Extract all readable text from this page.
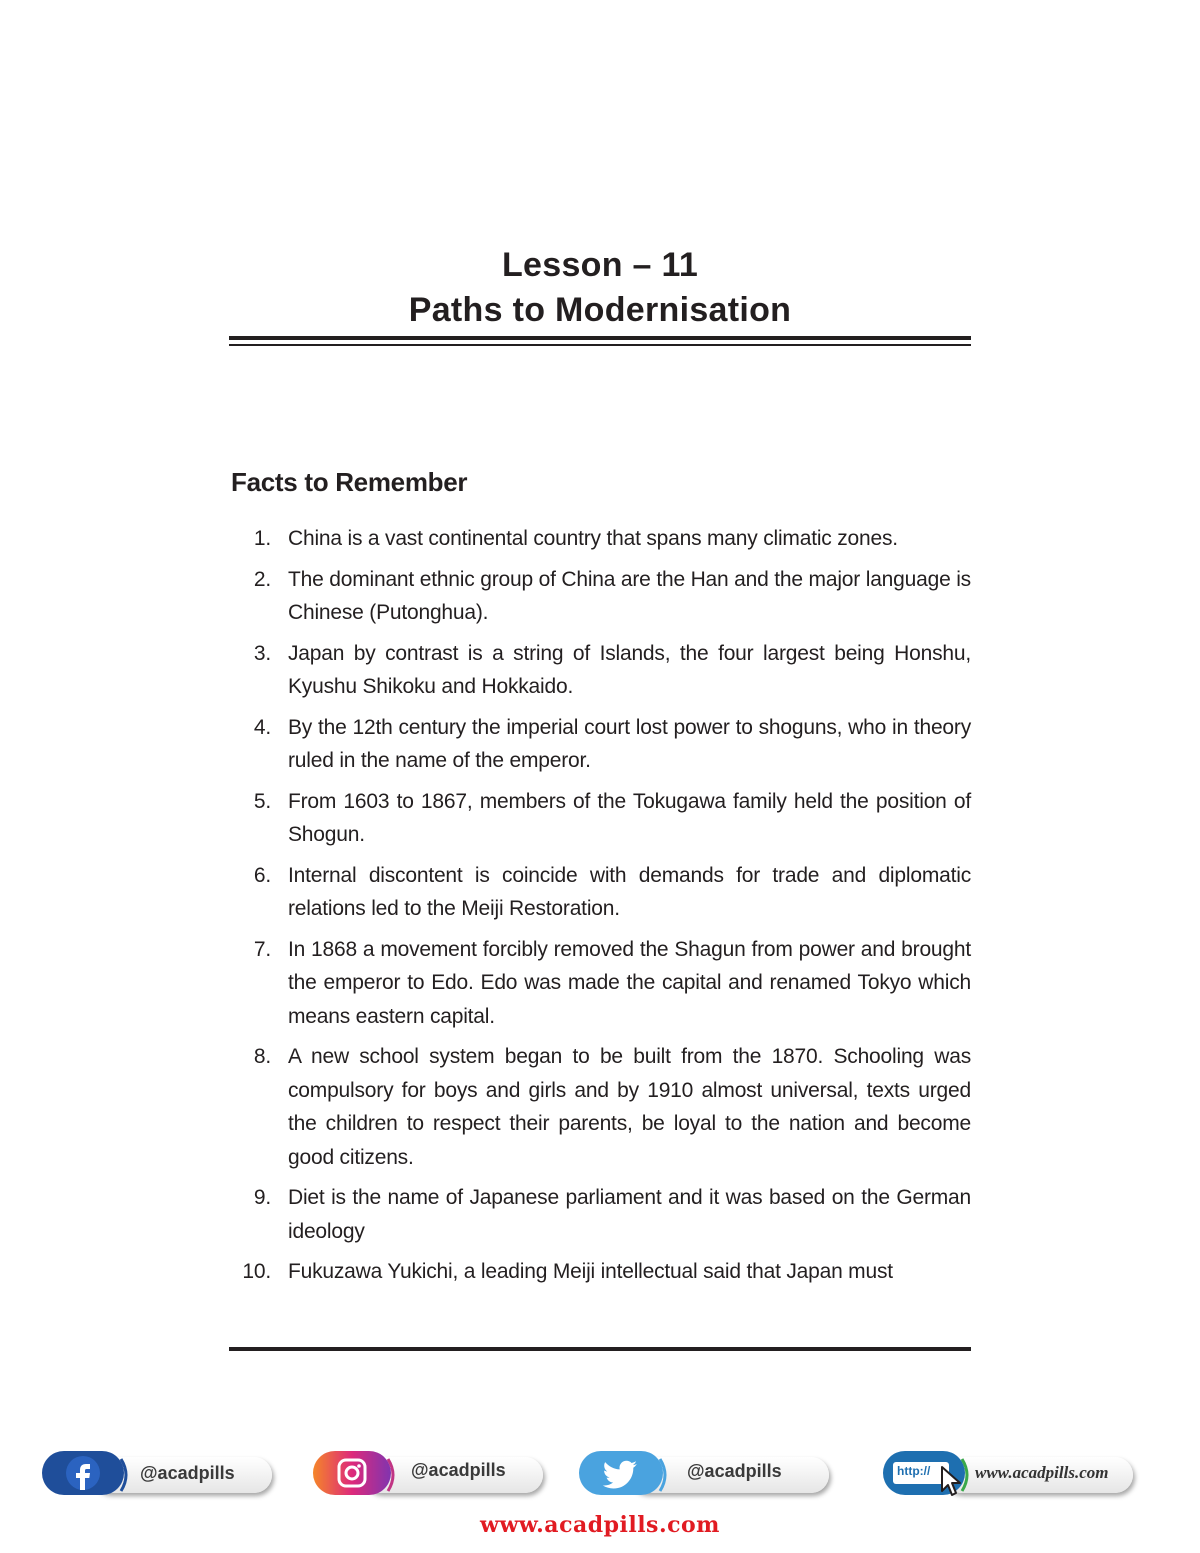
Lesson – 11
Paths to Modernisation
Facts to Remember
1. China is a vast continental country that spans many climatic zones.
2. The dominant ethnic group of China are the Han and the major language is Chinese (Putonghua).
3. Japan by contrast is a string of Islands, the four largest being Honshu, Kyushu Shikoku and Hokkaido.
4. By the 12th century the imperial court lost power to shoguns, who in theory ruled in the name of the emperor.
5. From 1603 to 1867, members of the Tokugawa family held the position of Shogun.
6. Internal discontent is coincide with demands for trade and diplomatic relations led to the Meiji Restoration.
7. In 1868 a movement forcibly removed the Shagun from power and brought the emperor to Edo. Edo was made the capital and renamed Tokyo which means eastern capital.
8. A new school system began to be built from the 1870. Schooling was compulsory for boys and girls and by 1910 almost universal, texts urged the children to respect their parents, be loyal to the nation and become good citizens.
9. Diet is the name of Japanese parliament and it was based on the German ideology
10. Fukuzawa Yukichi, a leading Meiji intellectual said that Japan must
@acadpills	@acadpills	@acadpills	http://	www.acadpills.com
www.acadpills.com
